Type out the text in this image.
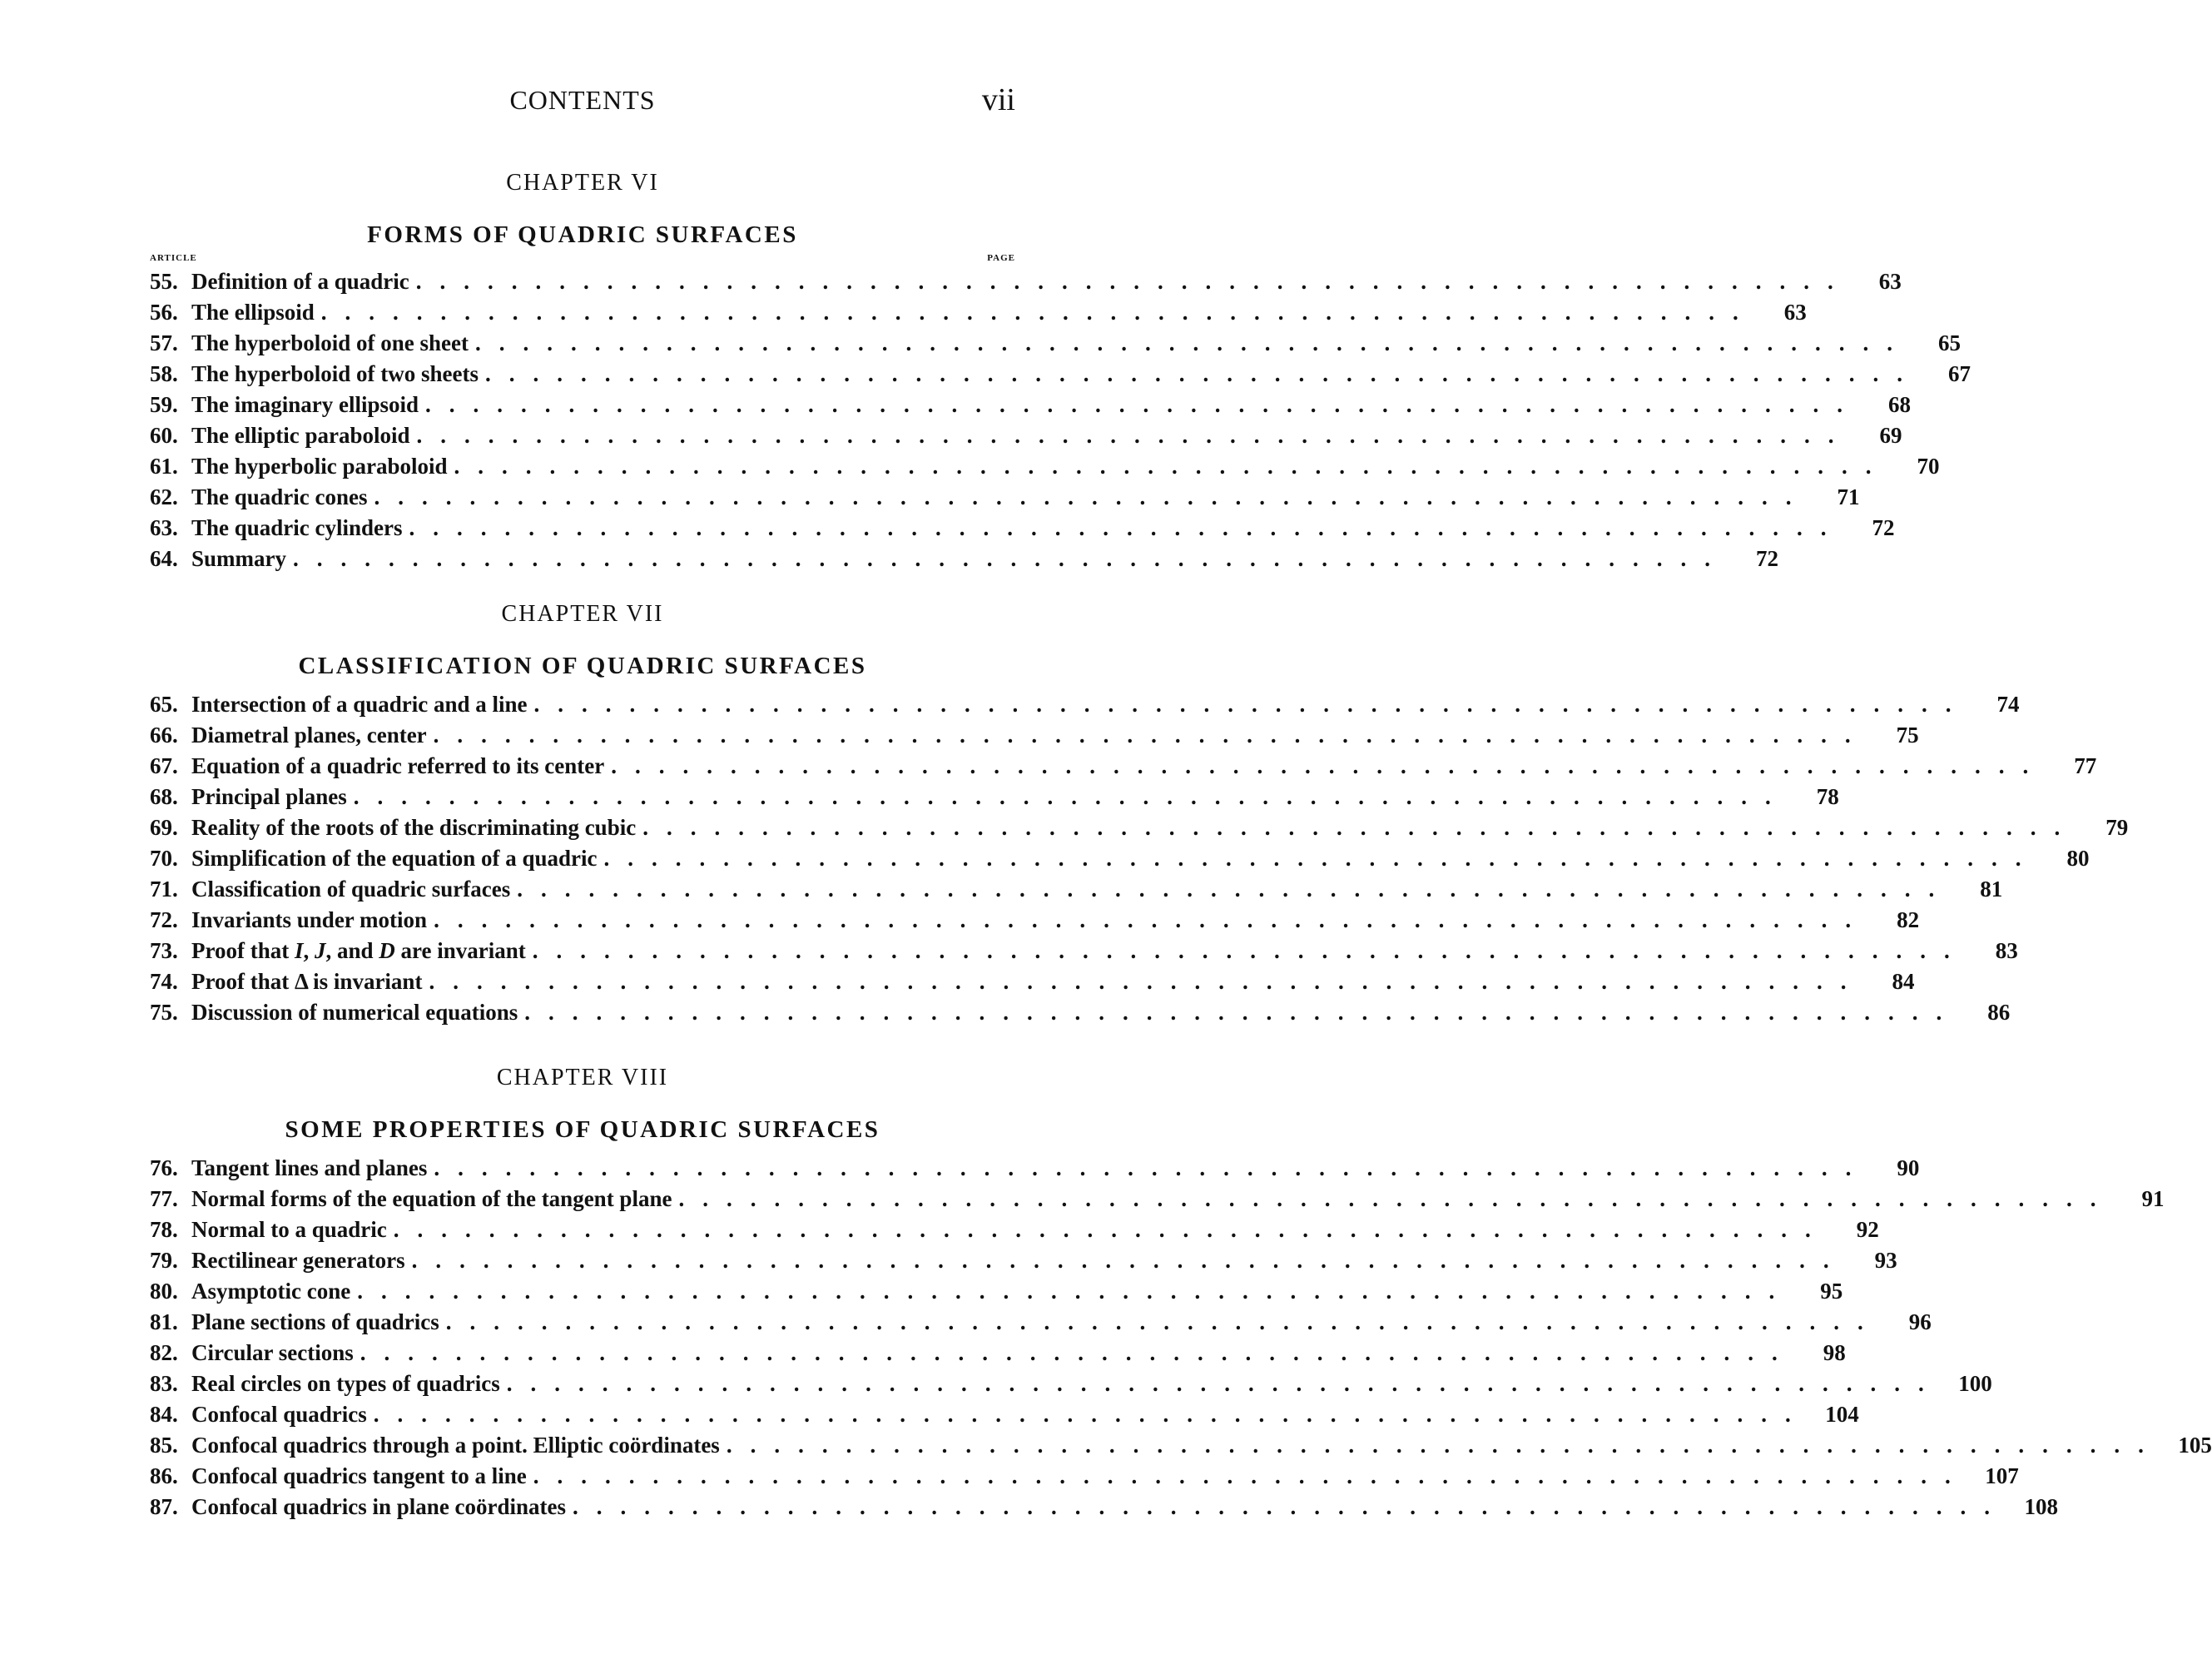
CONTENTS	vii
CHAPTER VI
FORMS OF QUADRIC SURFACES
ARTICLE	PAGE
55. Definition of a quadric ............................................................	63
56. The ellipsoid ............................................................	63
57. The hyperboloid of one sheet ............................................................	65
58. The hyperboloid of two sheets ............................................................	67
59. The imaginary ellipsoid ............................................................	68
60. The elliptic paraboloid ............................................................	69
61. The hyperbolic paraboloid ............................................................	70
62. The quadric cones ............................................................	71
63. The quadric cylinders ............................................................	72
64. Summary ............................................................	72
CHAPTER VII
CLASSIFICATION OF QUADRIC SURFACES
65. Intersection of a quadric and a line ............................................................	74
66. Diametral planes, center ............................................................	75
67. Equation of a quadric referred to its center ............................................................	77
68. Principal planes ............................................................	78
69. Reality of the roots of the discriminating cubic ............................................................	79
70. Simplification of the equation of a quadric ............................................................	80
71. Classification of quadric surfaces ............................................................	81
72. Invariants under motion ............................................................	82
73. Proof that I, J, and D are invariant ............................................................	83
74. Proof that Δ is invariant ............................................................	84
75. Discussion of numerical equations ............................................................	86
CHAPTER VIII
SOME PROPERTIES OF QUADRIC SURFACES
76. Tangent lines and planes ............................................................	90
77. Normal forms of the equation of the tangent plane ............................................................	91
78. Normal to a quadric ............................................................	92
79. Rectilinear generators ............................................................	93
80. Asymptotic cone ............................................................	95
81. Plane sections of quadrics ............................................................	96
82. Circular sections ............................................................	98
83. Real circles on types of quadrics ............................................................ 100
84. Confocal quadrics ............................................................ 104
85. Confocal quadrics through a point. Elliptic coördinates ............................................................ 105
86. Confocal quadrics tangent to a line ............................................................ 107
87. Confocal quadrics in plane coördinates ............................................................ 108
